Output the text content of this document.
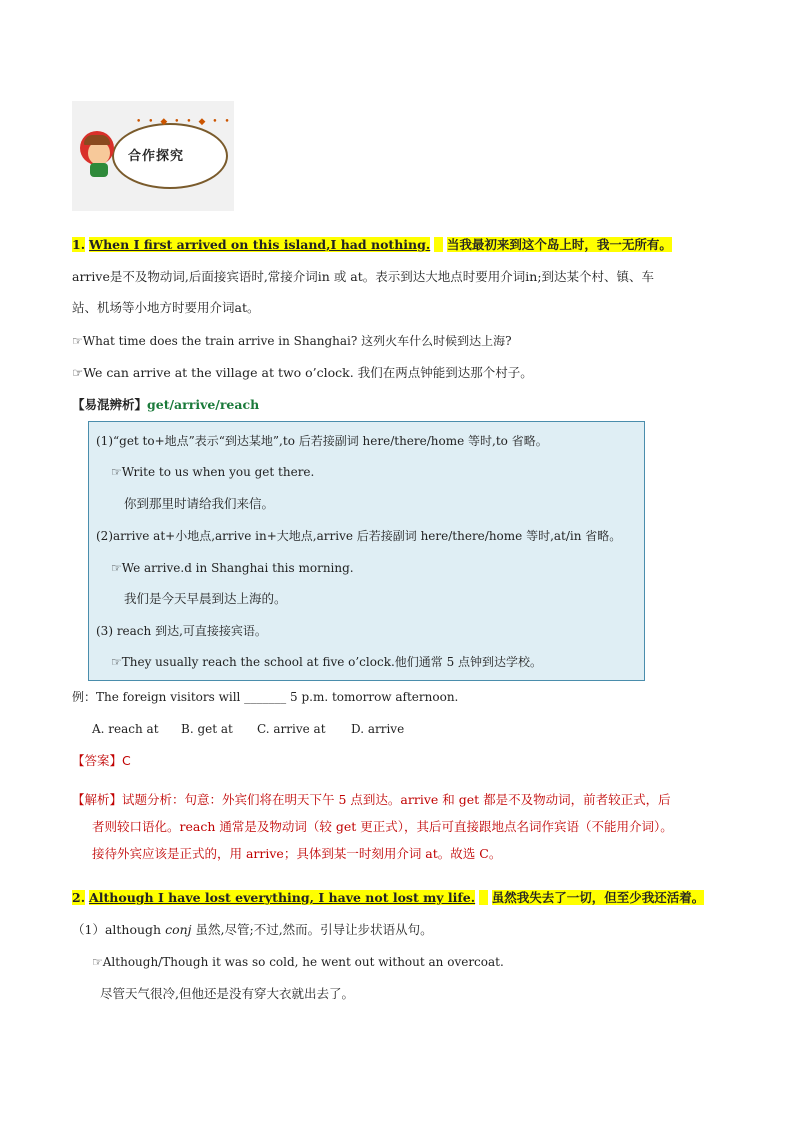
• • ◆ • • ◆ • •
合作探究
1. When I first arrived on this island,I had nothing. 当我最初来到这个岛上时，我一无所有。
arrive是不及物动词,后面接宾语时,常接介词in 或 at。表示到达大地点时要用介词in;到达某个村、镇、车
站、机场等小地方时要用介词at。
☞What time does the train arrive in Shanghai? 这列火车什么时候到达上海?
☞We can arrive at the village at two o’clock. 我们在两点钟能到达那个村子。
【易混辨析】get/arrive/reach
(1)“get to+地点”表示“到达某地”,to 后若接副词 here/there/home 等时,to 省略。
☞Write to us when you get there.
你到那里时请给我们来信。
(2)arrive at+小地点,arrive in+大地点,arrive 后若接副词 here/there/home 等时,at/in 省略。
☞We arrive.d in Shanghai this morning.
我们是今天早晨到达上海的。
(3) reach 到达,可直接接宾语。
☞They usually reach the school at five o’clock.他们通常 5 点钟到达学校。
例：The foreign visitors will _______ 5 p.m. tomorrow afternoon.
A. reach at B. get at C. arrive at D. arrive
【答案】C
【解析】试题分析：句意：外宾们将在明天下午 5 点到达。arrive 和 get 都是不及物动词，前者较正式，后
者则较口语化。reach 通常是及物动词（较 get 更正式），其后可直接跟地点名词作宾语（不能用介词）。
接待外宾应该是正式的，用 arrive；具体到某一时刻用介词 at。故选 C。
2. Although I have lost everything, I have not lost my life. 虽然我失去了一切，但至少我还活着。
（1）although conj 虽然,尽管;不过,然而。引导让步状语从句。
☞Although/Though it was so cold, he went out without an overcoat.
尽管天气很冷,但他还是没有穿大衣就出去了。
